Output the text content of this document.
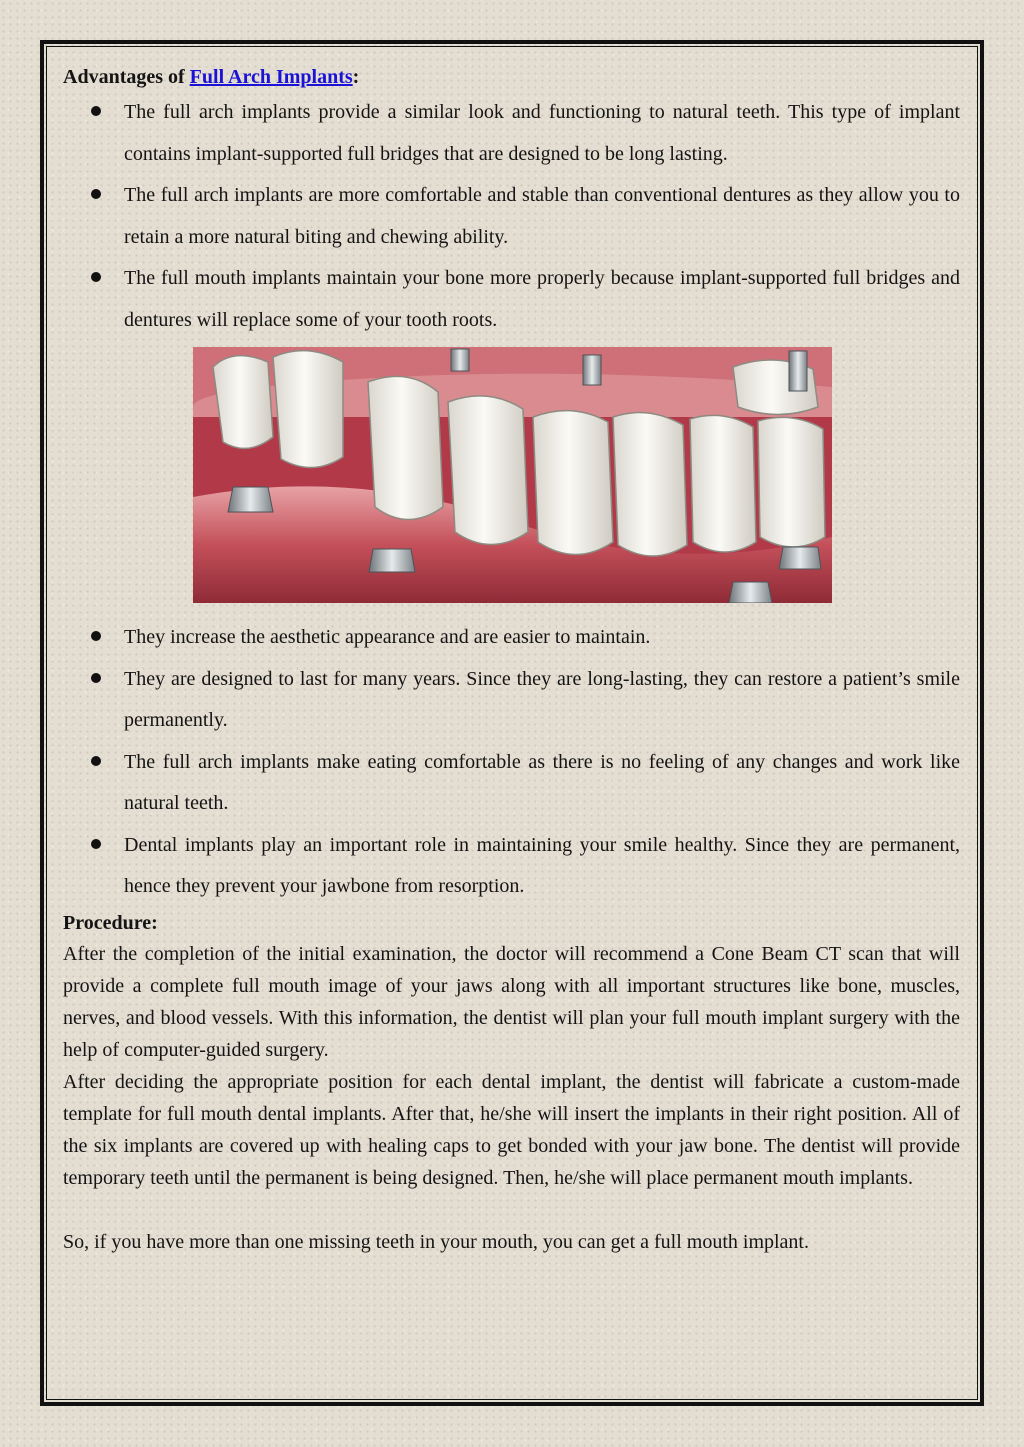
Advantages of Full Arch Implants:
The full arch implants provide a similar look and functioning to natural teeth. This type of implant contains implant-supported full bridges that are designed to be long lasting.
The full arch implants are more comfortable and stable than conventional dentures as they allow you to retain a more natural biting and chewing ability.
The full mouth implants maintain your bone more properly because implant-supported full bridges and dentures will replace some of your tooth roots.
They increase the aesthetic appearance and are easier to maintain.
They are designed to last for many years. Since they are long-lasting, they can restore a patient’s smile permanently.
The full arch implants make eating comfortable as there is no feeling of any changes and work like natural teeth.
Dental implants play an important role in maintaining your smile healthy. Since they are permanent, hence they prevent your jawbone from resorption.
Procedure:

After the completion of the initial examination, the doctor will recommend a Cone Beam CT scan that will provide a complete full mouth image of your jaws along with all important structures like bone, muscles, nerves, and blood vessels. With this information, the dentist will plan your full mouth implant surgery with the help of computer-guided surgery.

After deciding the appropriate position for each dental implant, the dentist will fabricate a custom-made template for full mouth dental implants. After that, he/she will insert the implants in their right position. All of the six implants are covered up with healing caps to get bonded with your jaw bone. The dentist will provide temporary teeth until the permanent is being designed. Then, he/she will place permanent mouth implants.

So, if you have more than one missing teeth in your mouth, you can get a full mouth implant.
